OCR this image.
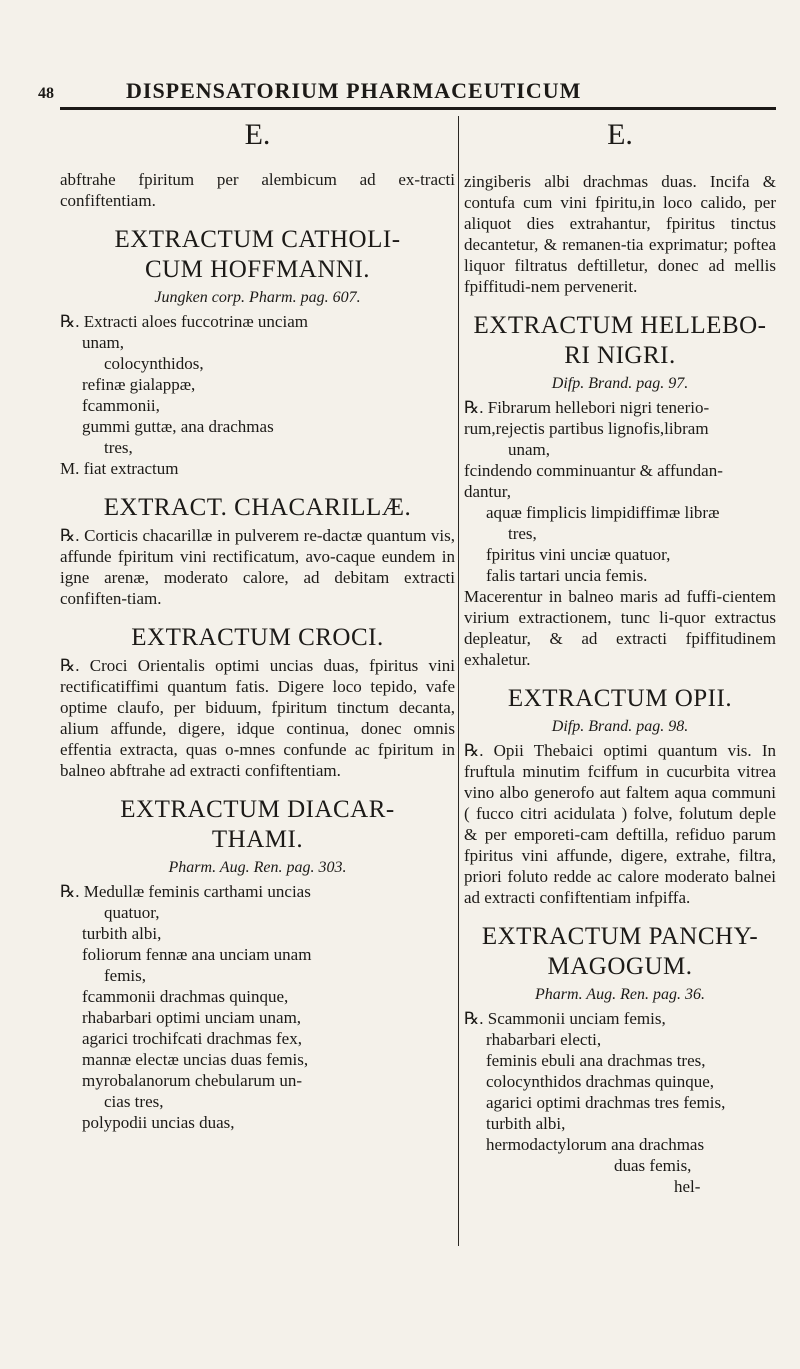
48	DISPENSATORIUM PHARMACEUTICUM
E.

abftrahe fpiritum per alembicum ad ex-tracti confiftentiam.

EXTRACTUM CATHOLI-
CUM HOFFMANNI.
Jungken corp. Pharm. pag. 607.
℞. Extracti aloes fuccotrinæ unciam
unam,
colocynthidos,
refinæ gialappæ,
fcammonii,
gummi guttæ, ana drachmas
tres,
M. fiat extractum
EXTRACT. CHACARILLÆ.

℞. Corticis chacarillæ in pulverem re-dactæ quantum vis, affunde fpiritum vini rectificatum, avo-caque eundem in igne arenæ, moderato calore, ad debitam extracti confiften-tiam.

EXTRACTUM CROCI.

℞. Croci Orientalis optimi uncias duas, fpiritus vini rectificatiffimi quantum fatis. Digere loco tepido, vafe optime claufo, per biduum, fpiritum tinctum decanta, alium affunde, digere, idque continua, donec omnis effentia extracta, quas o-mnes confunde ac fpiritum in balneo abftrahe ad extracti confiftentiam.

EXTRACTUM DIACAR-
THAMI.
Pharm. Aug. Ren. pag. 303.
℞. Medullæ feminis carthami uncias
quatuor,
turbith albi,
foliorum fennæ ana unciam unam
femis,
fcammonii drachmas quinque,
rhabarbari optimi unciam unam,
agarici trochifcati drachmas fex,
mannæ electæ uncias duas femis,
myrobalanorum chebularum un-
cias tres,
polypodii uncias duas,
E.

zingiberis albi drachmas duas. Incifa & contufa cum vini fpiritu,in loco calido, per aliquot dies extrahantur, fpiritus tinctus decantetur, & remanen-tia exprimatur; poftea liquor filtratus deftilletur, donec ad mellis fpiffitudi-nem pervenerit.

EXTRACTUM HELLEBO-
RI NIGRI.
Difp. Brand. pag. 97.
℞. Fibrarum hellebori nigri tenerio-
rum,rejectis partibus lignofis,libram
unam,
fcindendo comminuantur & affundan-
dantur,
aquæ fimplicis limpidiffimæ libræ
tres,
fpiritus vini unciæ quatuor,
falis tartari uncia femis.

Macerentur in balneo maris ad fuffi-cientem virium extractionem, tunc li-quor extractus depleatur, & ad extracti fpiffitudinem exhaletur.

EXTRACTUM OPII.
Difp. Brand. pag. 98.

℞. Opii Thebaici optimi quantum vis. In fruftula minutim fciffum in cucurbita vitrea vino albo generofo aut faltem aqua communi ( fucco citri acidulata ) folve, folutum deple & per emporeti-cam deftilla, refiduo parum fpiritus vini affunde, digere, extrahe, filtra, priori foluto redde ac calore moderato balnei ad extracti confiftentiam infpiffa.

EXTRACTUM PANCHY-
MAGOGUM.
Pharm. Aug. Ren. pag. 36.
℞. Scammonii unciam femis,
rhabarbari electi,
feminis ebuli ana drachmas tres,
colocynthidos drachmas quinque,
agarici optimi drachmas tres femis,
turbith albi,
hermodactylorum ana drachmas
duas femis,
hel-
